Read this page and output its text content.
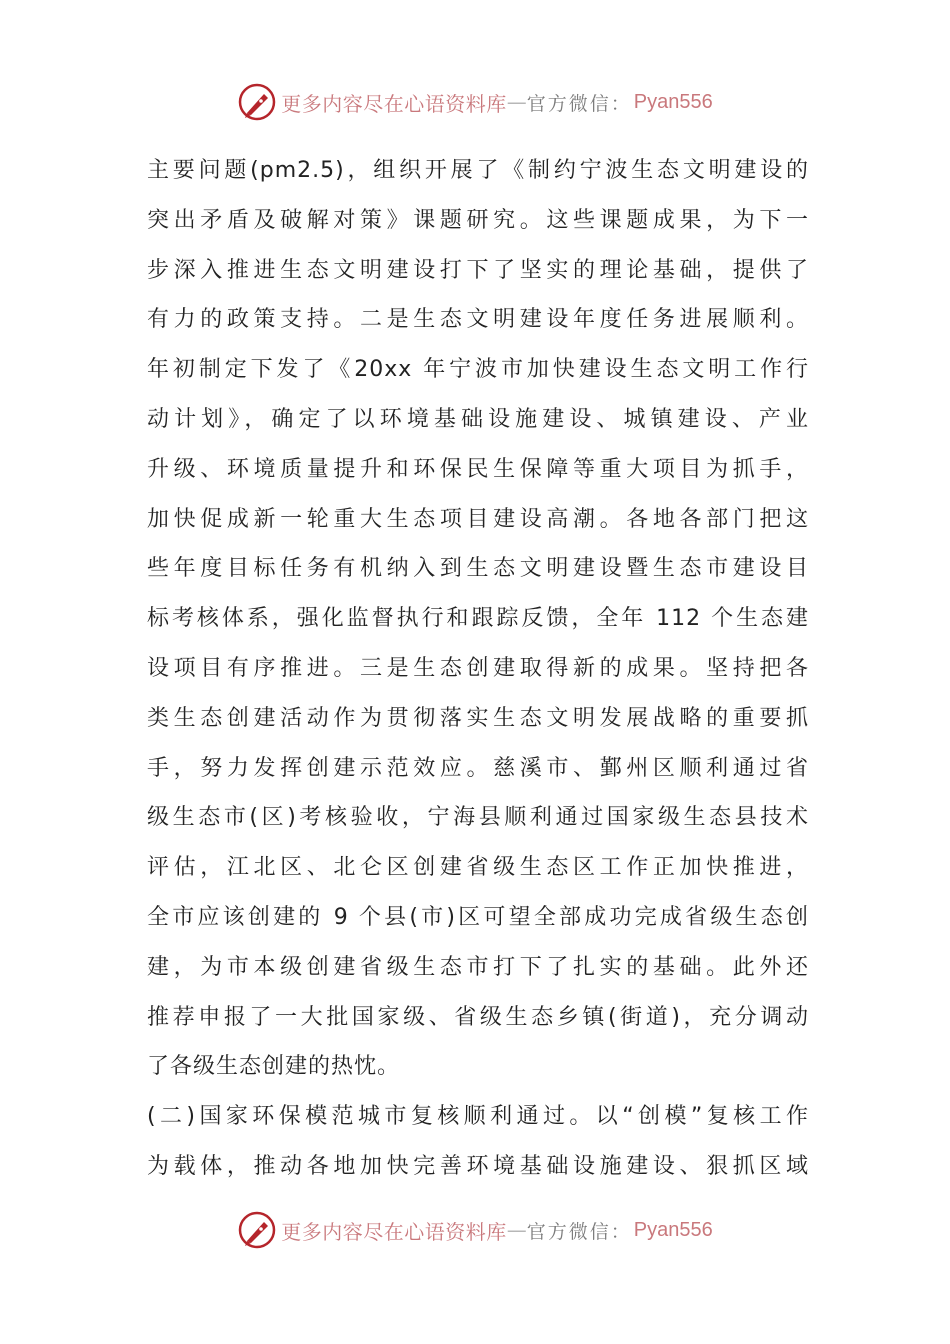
更多内容尽在心语资料库 — 官方微信： Pyan556
主要问题(pm2.5)，组织开展了《制约宁波生态文明建设的
突出矛盾及破解对策》课题研究。这些课题成果，为下一
步深入推进生态文明建设打下了坚实的理论基础，提供了
有力的政策支持。二是生态文明建设年度任务进展顺利。
年初制定下发了《20xx 年宁波市加快建设生态文明工作行
动计划》，确定了以环境基础设施建设、城镇建设、产业
升级、环境质量提升和环保民生保障等重大项目为抓手，
加快促成新一轮重大生态项目建设高潮。各地各部门把这
些年度目标任务有机纳入到生态文明建设暨生态市建设目
标考核体系，强化监督执行和跟踪反馈，全年 112 个生态建
设项目有序推进。三是生态创建取得新的成果。坚持把各
类生态创建活动作为贯彻落实生态文明发展战略的重要抓
手，努力发挥创建示范效应。慈溪市、鄞州区顺利通过省
级生态市(区)考核验收，宁海县顺利通过国家级生态县技术
评估，江北区、北仑区创建省级生态区工作正加快推进，
全市应该创建的 9 个县(市)区可望全部成功完成省级生态创
建，为市本级创建省级生态市打下了扎实的基础。此外还
推荐申报了一大批国家级、省级生态乡镇(街道)，充分调动
了各级生态创建的热忱。
(二)国家环保模范城市复核顺利通过。以“创模”复核工作
为载体，推动各地加快完善环境基础设施建设、狠抓区域
更多内容尽在心语资料库 — 官方微信： Pyan556
